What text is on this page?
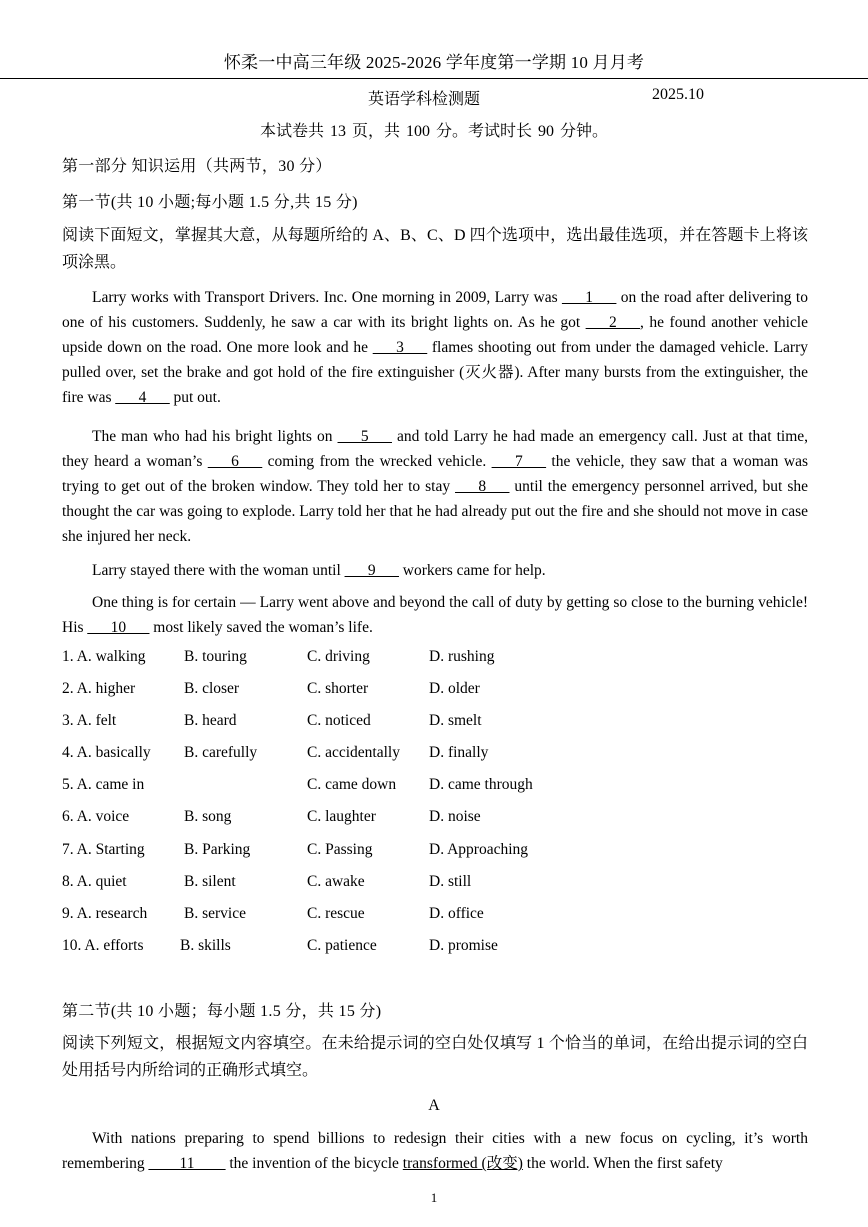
怀柔一中高三年级 2025-2026 学年度第一学期 10 月月考
英语学科检测题	2025.10
本试卷共 13 页，共 100 分。考试时长 90 分钟。
第一部分 知识运用（共两节，30 分）
第一节(共 10 小题;每小题 1.5 分,共 15 分)

阅读下面短文，掌握其大意，从每题所给的 A、B、C、D 四个选项中，选出最佳选项，并在答题卡上将该项涂黑。

Larry works with Transport Drivers. Inc. One morning in 2009, Larry was ___1___ on the road after delivering to one of his customers. Suddenly, he saw a car with its bright lights on. As he got ___2___, he found another vehicle upside down on the road. One more look and he ___3___ flames shooting out from under the damaged vehicle. Larry pulled over, set the brake and got hold of the fire extinguisher (灭火器). After many bursts from the extinguisher, the fire was ___4___ put out.

The man who had his bright lights on ___5___ and told Larry he had made an emergency call. Just at that time, they heard a woman’s ___6___ coming from the wrecked vehicle. ___7___ the vehicle, they saw that a woman was trying to get out of the broken window. They told her to stay ___8___ until the emergency personnel arrived, but she thought the car was going to explode. Larry told her that he had already put out the fire and she should not move in case she injured her neck.

Larry stayed there with the woman until ___9___ workers came for help.

One thing is for certain — Larry went above and beyond the call of duty by getting so close to the burning vehicle! His ___10___ most likely saved the woman’s life.

1. A. walking B. touring	C. driving	D. rushing
2. A. higher	B. closer	C. shorter	D. older
3. A. felt	B. heard	C. noticed	D. smelt
4. A. basically B. carefully	C. accidentally D. finally
5. A. came in	C. came down D. came through
6. A. voice	B. song	C. laughter	D. noise
7. A. Starting	B. Parking	C. Passing	D. Approaching
8. A. quiet	B. silent	C. awake	D. still
9. A. research B. service	C. rescue	D. office
10. A. efforts B. skills	C. patience	D. promise
第二节(共 10 小题；每小题 1.5 分，共 15 分)

阅读下列短文，根据短文内容填空。在未给提示词的空白处仅填写 1 个恰当的单词，在给出提示词的空白处用括号内所给词的正确形式填空。

A

With nations preparing to spend billions to redesign their cities with a new focus on cycling, it’s worth remembering ____11____ the invention of the bicycle transformed (改变) the world. When the first safety

1
